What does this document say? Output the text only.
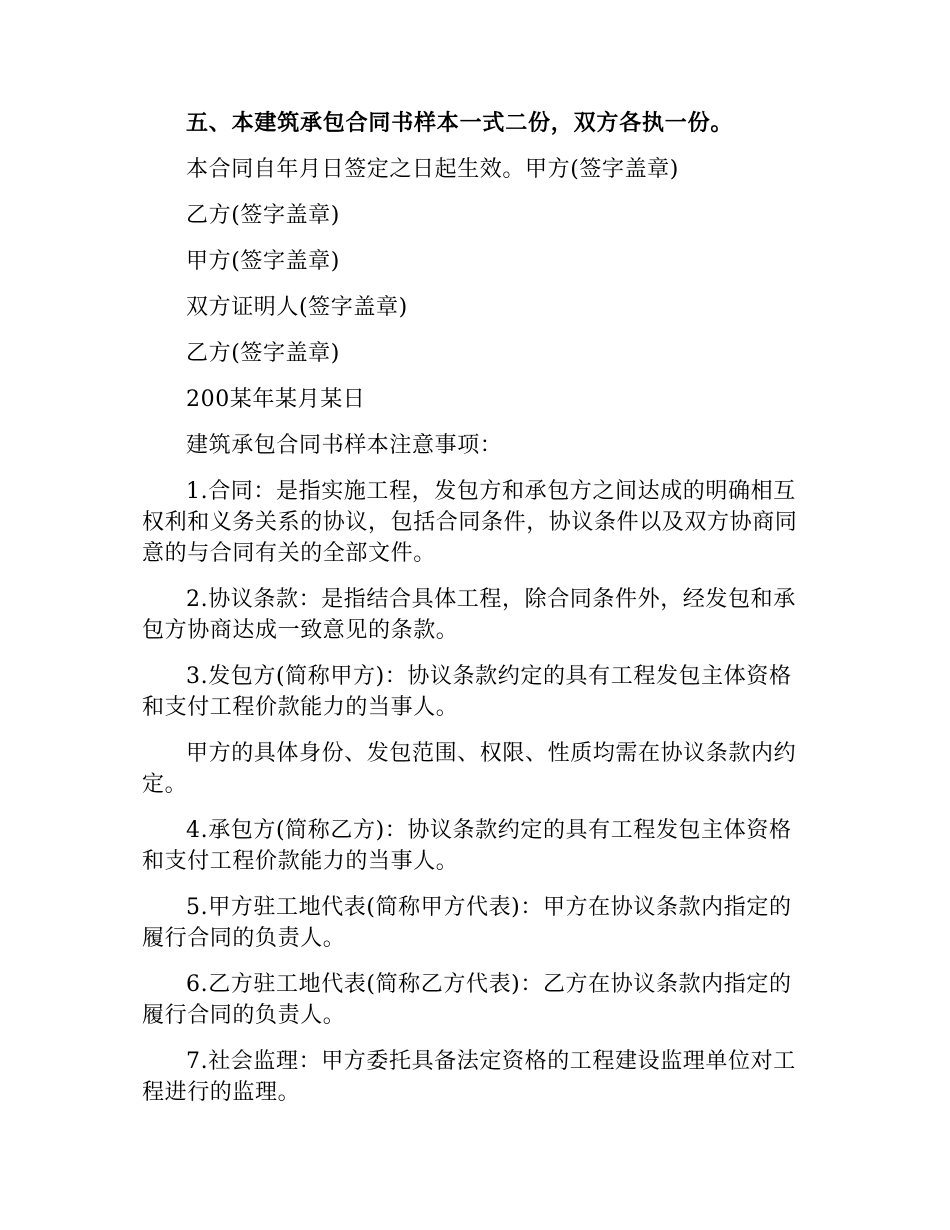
五、本建筑承包合同书样本一式二份，双方各执一份。

本合同自年月日签定之日起生效。甲方(签字盖章)

乙方(签字盖章)

甲方(签字盖章)

双方证明人(签字盖章)

乙方(签字盖章)

200某年某月某日

建筑承包合同书样本注意事项：

1.合同：是指实施工程，发包方和承包方之间达成的明确相互权利和义务关系的协议，包括合同条件，协议条件以及双方协商同意的与合同有关的全部文件。

2.协议条款：是指结合具体工程，除合同条件外，经发包和承包方协商达成一致意见的条款。

3.发包方(简称甲方)：协议条款约定的具有工程发包主体资格和支付工程价款能力的当事人。

甲方的具体身份、发包范围、权限、性质均需在协议条款内约定。

4.承包方(简称乙方)：协议条款约定的具有工程发包主体资格和支付工程价款能力的当事人。

5.甲方驻工地代表(简称甲方代表)：甲方在协议条款内指定的履行合同的负责人。

6.乙方驻工地代表(简称乙方代表)：乙方在协议条款内指定的履行合同的负责人。

7.社会监理：甲方委托具备法定资格的工程建设监理单位对工程进行的监理。
